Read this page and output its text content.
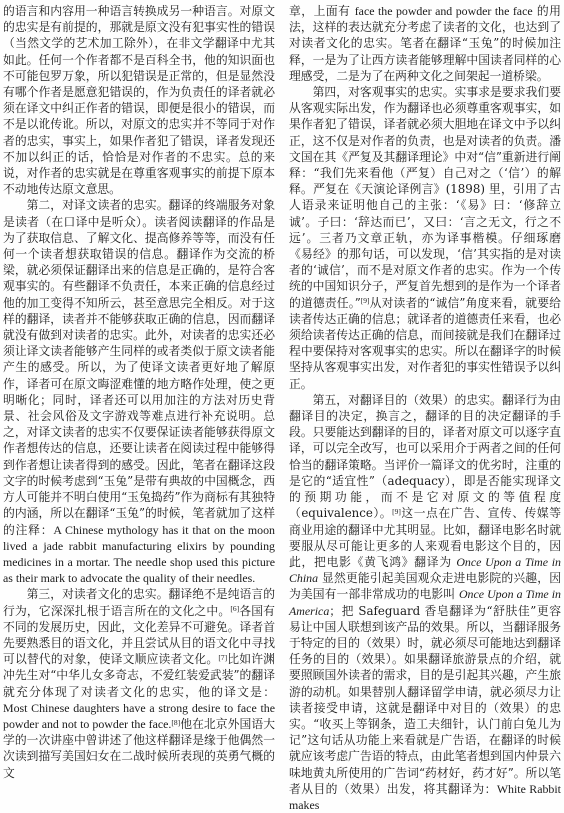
的语言和内容用一种语言转换成另一种语言。对原文的忠实是有前提的，那就是原文没有犯事实性的错误（当然文学的艺术加工除外），在非文学翻译中尤其如此。任何一个作者都不是百科全书，他的知识面也不可能包罗万象，所以犯错误是正常的，但是显然没有哪个作者是愿意犯错误的，作为负责任的译者就必须在译文中纠正作者的错误，即便是很小的错误，而不是以讹传讹。所以，对原文的忠实并不等同于对作者的忠实，事实上，如果作者犯了错误，译者发现还不加以纠正的话，恰恰是对作者的不忠实。总的来说，对作者的忠实就是在尊重客观事实的前提下原本不动地传达原文意思。

第二，对译文读者的忠实。翻译的终端服务对象是读者（在口译中是听众）。读者阅读翻译的作品是为了获取信息、了解文化、提高修养等等，而没有任何一个读者想获取错误的信息。翻译作为交流的桥梁，就必须保证翻译出来的信息是正确的，是符合客观事实的。有些翻译不负责任，本来正确的信息经过他的加工变得不知所云，甚至意思完全相反。对于这样的翻译，读者并不能够获取正确的信息，因而翻译就没有做到对读者的忠实。此外，对读者的忠实还必须让译文读者能够产生同样的或者类似于原文读者能产生的感受。所以，为了使译文读者更好地了解原作，译者可在原文晦涩难懂的地方略作处理，使之更明晰化；同时，译者还可以用加注的方法对历史背景、社会风俗及文字游戏等难点进行补充说明。总之，对译文读者的忠实不仅要保证读者能够获得原文作者想传达的信息，还要让读者在阅读过程中能够得到作者想让读者得到的感受。因此，笔者在翻译这段文字的时候考虑到“玉兔”是带有典故的中国概念，西方人可能并不明白使用“玉兔捣药”作为商标有其独特的内涵，所以在翻译“玉兔”的时候，笔者就加了这样的注释：A Chinese mythology has it that on the moon lived a jade rabbit manufacturing elixirs by pounding medicines in a mortar. The needle shop used this picture as their mark to advocate the quality of their needles.

第三，对读者文化的忠实。翻译绝不是纯语言的行为，它深深扎根于语言所在的文化之中。[6]各国有不同的发展历史，因此，文化差异不可避免。译者首先要熟悉目的语文化，并且尝试从目的语文化中寻找可以替代的对象，使译文顺应读者文化。[7]比如许渊冲先生对“中华儿女多奇志，不爱红装爱武装”的翻译就充分体现了对读者文化的忠实，他的译文是：Most Chinese daughters have a strong desire to face the powder and not to powder the face.[8]他在北京外国语大学的一次讲座中曾讲述了他这样翻译是缘于他偶然一次读到描写美国妇女在二战时候所表现的英勇气概的文

章，上面有 face the powder and powder the face 的用法，这样的表达就充分考虑了读者的文化，也达到了对读者文化的忠实。笔者在翻译“玉兔”的时候加注释，一是为了让西方读者能够理解中国读者同样的心理感受，二是为了在两种文化之间架起一道桥梁。

第四，对客观事实的忠实。实事求是要求我们要从客观实际出发，作为翻译也必须尊重客观事实，如果作者犯了错误，译者就必须大胆地在译文中予以纠正，这不仅是对作者的负责，也是对读者的负责。潘文国在其《严复及其翻译理论》中对“信”重新进行阐释：“我们先来看他（严复）自己对之（‘信’）的解释。严复在《天演论译例言》(1898) 里，引用了古人语录来证明他自己的主张：‘《易》曰：‘修辞立诚’。子曰：‘辞达而已’，又曰：‘言之无文，行之不远’。三者乃文章正轨，亦为译事楷模。仔细琢磨《易经》的那句话，可以发现，‘信’其实指的是对读者的‘诚信’，而不是对原文作者的忠实。作为一个传统的中国知识分子，严复首先想到的是作为一个译者的道德责任。”[9]从对读者的“诚信”角度来看，就要给读者传达正确的信息；就译者的道德责任来看，也必须给读者传达正确的信息，而间接就是我们在翻译过程中要保持对客观事实的忠实。所以在翻译字的时候坚持从客观事实出发，对作者犯的事实性错误予以纠正。

第五，对翻译目的（效果）的忠实。翻译行为由翻译目的决定，换言之，翻译的目的决定翻译的手段。只要能达到翻译的目的，译者对原文可以逐字直译，可以完全改写，也可以采用介于两者之间的任何恰当的翻译策略。当评价一篇译文的优劣时，注重的是它的“适宜性”（adequacy），即是否能实现译文的预期功能，而不是它对原文的等值程度（equivalence）。[9]这一点在广告、宣传、传媒等商业用途的翻译中尤其明显。比如，翻译电影名时就要服从尽可能让更多的人来观看电影这个目的，因此，把电影《黄飞鸿》翻译为 Once Upon a Time in China 显然更能引起美国观众走进电影院的兴趣，因为美国有一部非常成功的电影叫 Once Upon a Time in America；把 Safeguard 香皂翻译为“舒肤佳”更容易让中国人联想到该产品的效果。所以，当翻译服务于特定的目的（效果）时，就必须尽可能地达到翻译任务的目的（效果）。如果翻译旅游景点的介绍，就要照顾国外读者的需求，目的是引起其兴趣，产生旅游的动机。如果替别人翻译留学申请，就必须尽力让读者接受申请，这就是翻译中对目的（效果）的忠实。“收买上等钢条，造工夫细针，认门前白兔儿为记”这句话从功能上来看就是广告语，在翻译的时候就应该考虑广告语的特点，由此笔者想到国内仲景六味地黄丸所使用的广告词“药材好，药才好”。所以笔者从目的（效果）出发，将其翻译为：White Rabbit makes
